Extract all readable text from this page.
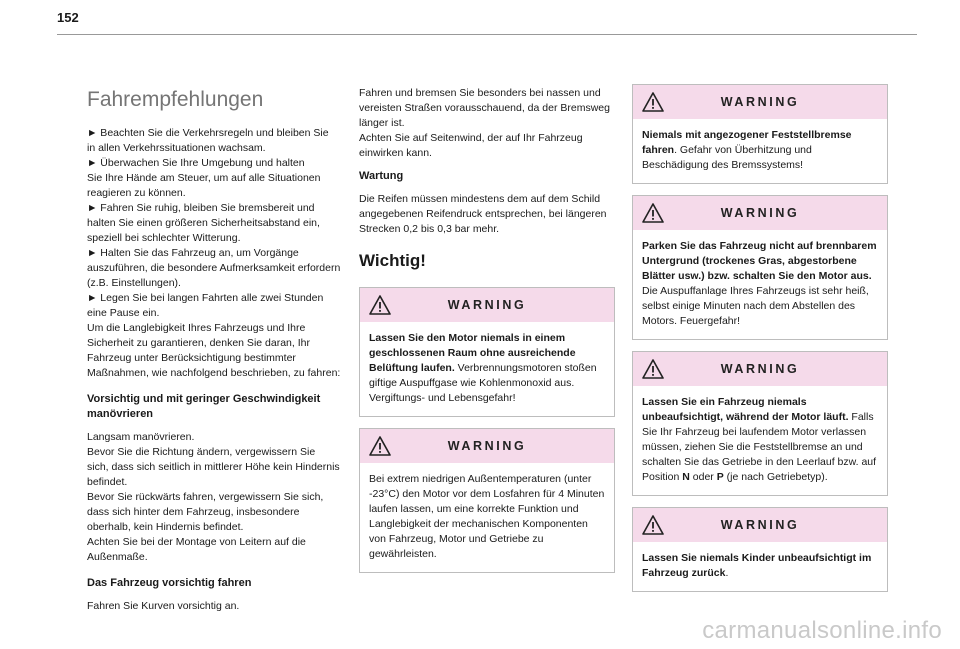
152
Fahrempfehlungen

► Beachten Sie die Verkehrsregeln und bleiben Sie
in allen Verkehrssituationen wachsam.
► Überwachen Sie Ihre Umgebung und halten
Sie Ihre Hände am Steuer, um auf alle Situationen
reagieren zu können.
► Fahren Sie ruhig, bleiben Sie bremsbereit und
halten Sie einen größeren Sicherheitsabstand ein,
speziell bei schlechter Witterung.
► Halten Sie das Fahrzeug an, um Vorgänge
auszuführen, die besondere Aufmerksamkeit erfordern
(z.B. Einstellungen).
► Legen Sie bei langen Fahrten alle zwei Stunden
eine Pause ein.
Um die Langlebigkeit Ihres Fahrzeugs und Ihre
Sicherheit zu garantieren, denken Sie daran, Ihr
Fahrzeug unter Berücksichtigung bestimmter
Maßnahmen, wie nachfolgend beschrieben, zu fahren:

Vorsichtig und mit geringer Geschwindigkeit
manövrieren

Langsam manövrieren.
Bevor Sie die Richtung ändern, vergewissern Sie
sich, dass sich seitlich in mittlerer Höhe kein Hindernis
befindet.
Bevor Sie rückwärts fahren, vergewissern Sie sich,
dass sich hinter dem Fahrzeug, insbesondere
oberhalb, kein Hindernis befindet.
Achten Sie bei der Montage von Leitern auf die
Außenmaße.

Das Fahrzeug vorsichtig fahren

Fahren Sie Kurven vorsichtig an.

Fahren und bremsen Sie besonders bei nassen und
vereisten Straßen vorausschauend, da der Bremsweg
länger ist.
Achten Sie auf Seitenwind, der auf Ihr Fahrzeug
einwirken kann.

Wartung

Die Reifen müssen mindestens dem auf dem Schild
angegebenen Reifendruck entsprechen, bei längeren
Strecken 0,2 bis 0,3 bar mehr.

Wichtig!
WARNING
Lassen Sie den Motor niemals in einem
geschlossenen Raum ohne ausreichende
Belüftung laufen. Verbrennungsmotoren stoßen
giftige Auspuffgase wie Kohlenmonoxid aus.
Vergiftungs- und Lebensgefahr!
WARNING
Bei extrem niedrigen Außentemperaturen (unter
-23°C) den Motor vor dem Losfahren für 4 Minuten
laufen lassen, um eine korrekte Funktion und
Langlebigkeit der mechanischen Komponenten
von Fahrzeug, Motor und Getriebe zu
gewährleisten.
WARNING
Niemals mit angezogener Feststellbremse
fahren. Gefahr von Überhitzung und
Beschädigung des Bremssystems!
WARNING
Parken Sie das Fahrzeug nicht auf brennbarem
Untergrund (trockenes Gras, abgestorbene
Blätter usw.) bzw. schalten Sie den Motor aus.
Die Auspuffanlage Ihres Fahrzeugs ist sehr heiß,
selbst einige Minuten nach dem Abstellen des
Motors. Feuergefahr!
WARNING
Lassen Sie ein Fahrzeug niemals
unbeaufsichtigt, während der Motor läuft. Falls
Sie Ihr Fahrzeug bei laufendem Motor verlassen
müssen, ziehen Sie die Feststellbremse an und
schalten Sie das Getriebe in den Leerlauf bzw. auf
Position N oder P (je nach Getriebetyp).
WARNING
Lassen Sie niemals Kinder unbeaufsichtigt im
Fahrzeug zurück.
carmanualsonline.info
